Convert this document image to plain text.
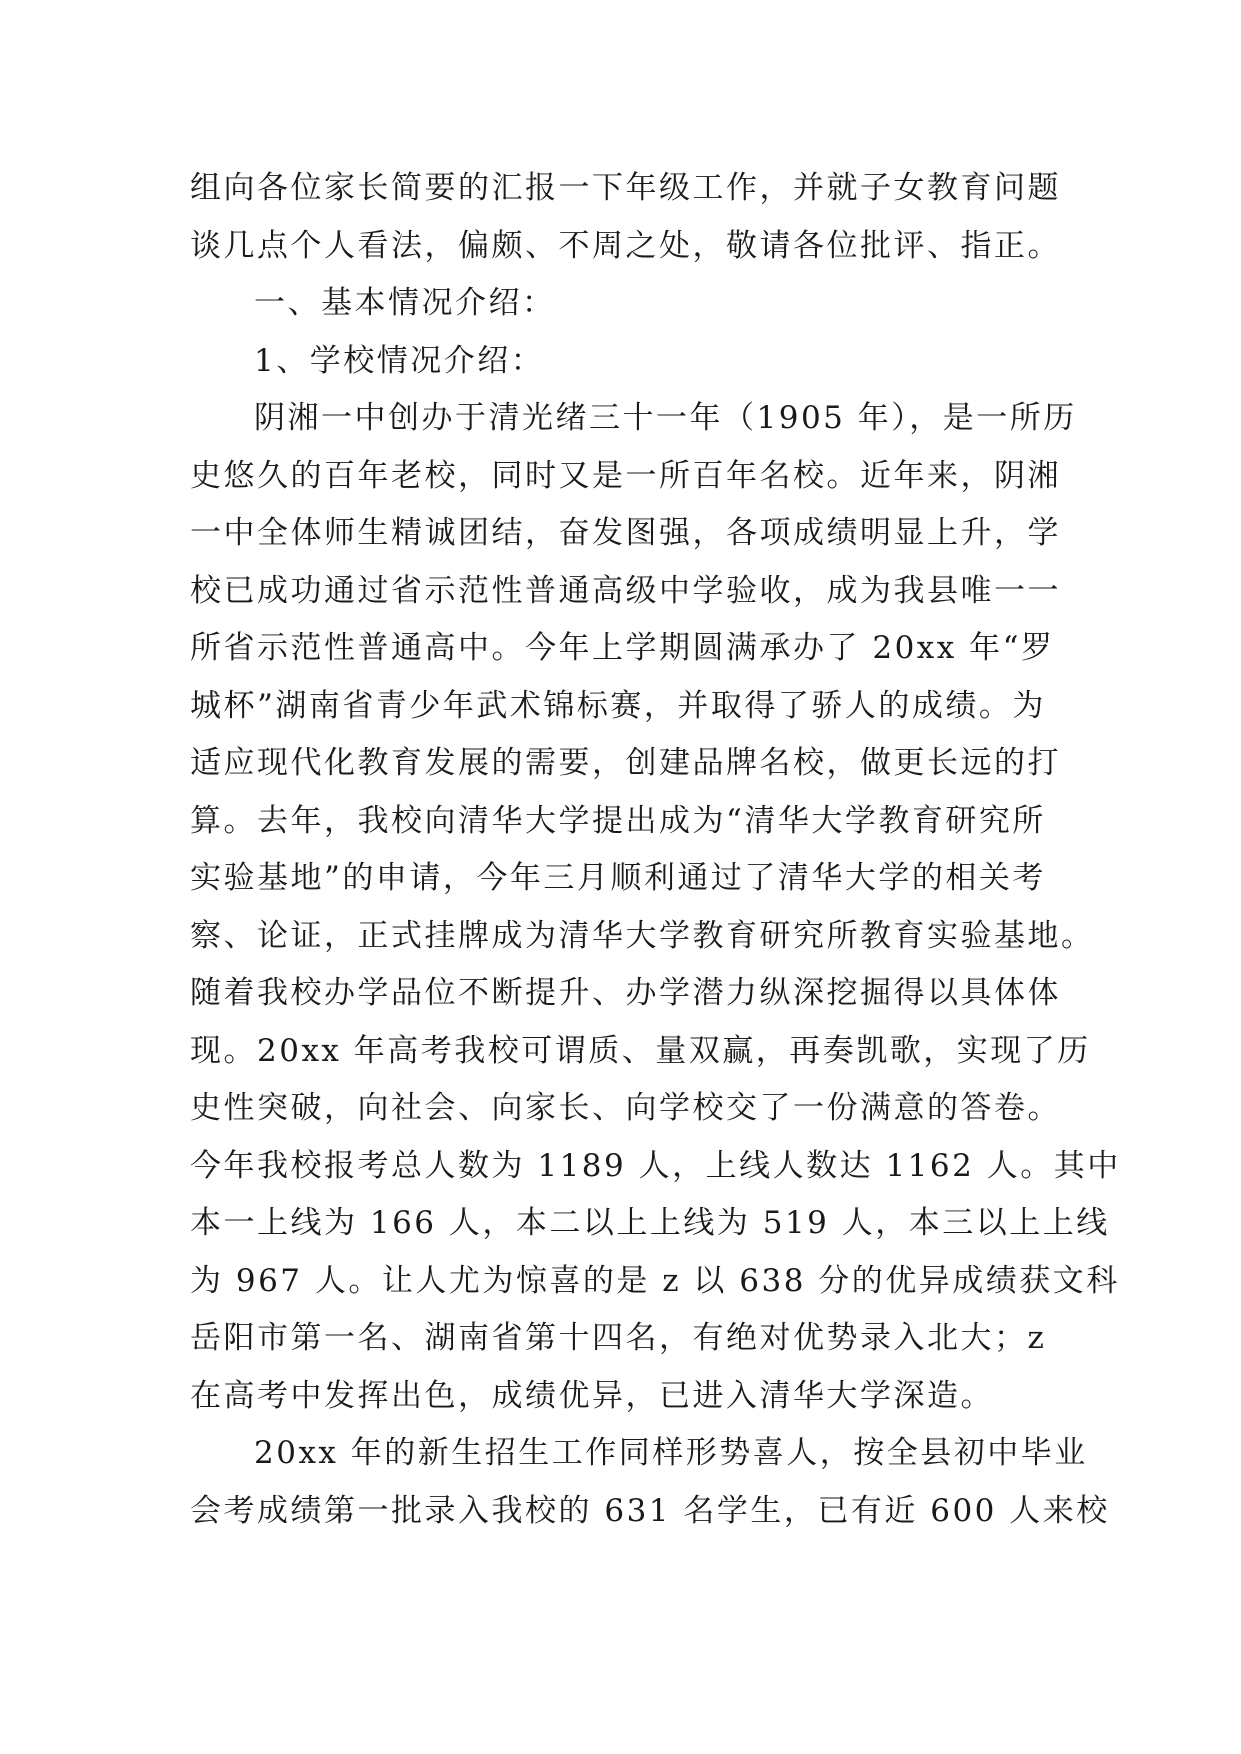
组向各位家长简要的汇报一下年级工作，并就子女教育问题
谈几点个人看法，偏颇、不周之处，敬请各位批评、指正。
一、基本情况介绍：
1、学校情况介绍：
阴湘一中创办于清光绪三十一年（1905 年），是一所历
史悠久的百年老校，同时又是一所百年名校。近年来，阴湘
一中全体师生精诚团结，奋发图强，各项成绩明显上升，学
校已成功通过省示范性普通高级中学验收，成为我县唯一一
所省示范性普通高中。今年上学期圆满承办了 20xx 年“罗
城杯”湖南省青少年武术锦标赛，并取得了骄人的成绩。为
适应现代化教育发展的需要，创建品牌名校，做更长远的打
算。去年，我校向清华大学提出成为“清华大学教育研究所
实验基地”的申请，今年三月顺利通过了清华大学的相关考
察、论证，正式挂牌成为清华大学教育研究所教育实验基地。
随着我校办学品位不断提升、办学潜力纵深挖掘得以具体体
现。20xx 年高考我校可谓质、量双赢，再奏凯歌，实现了历
史性突破，向社会、向家长、向学校交了一份满意的答卷。
今年我校报考总人数为 1189 人，上线人数达 1162 人。其中
本一上线为 166 人，本二以上上线为 519 人，本三以上上线
为 967 人。让人尤为惊喜的是 z 以 638 分的优异成绩获文科
岳阳市第一名、湖南省第十四名，有绝对优势录入北大；z
在高考中发挥出色，成绩优异，已进入清华大学深造。
20xx 年的新生招生工作同样形势喜人，按全县初中毕业
会考成绩第一批录入我校的 631 名学生，已有近 600 人来校
